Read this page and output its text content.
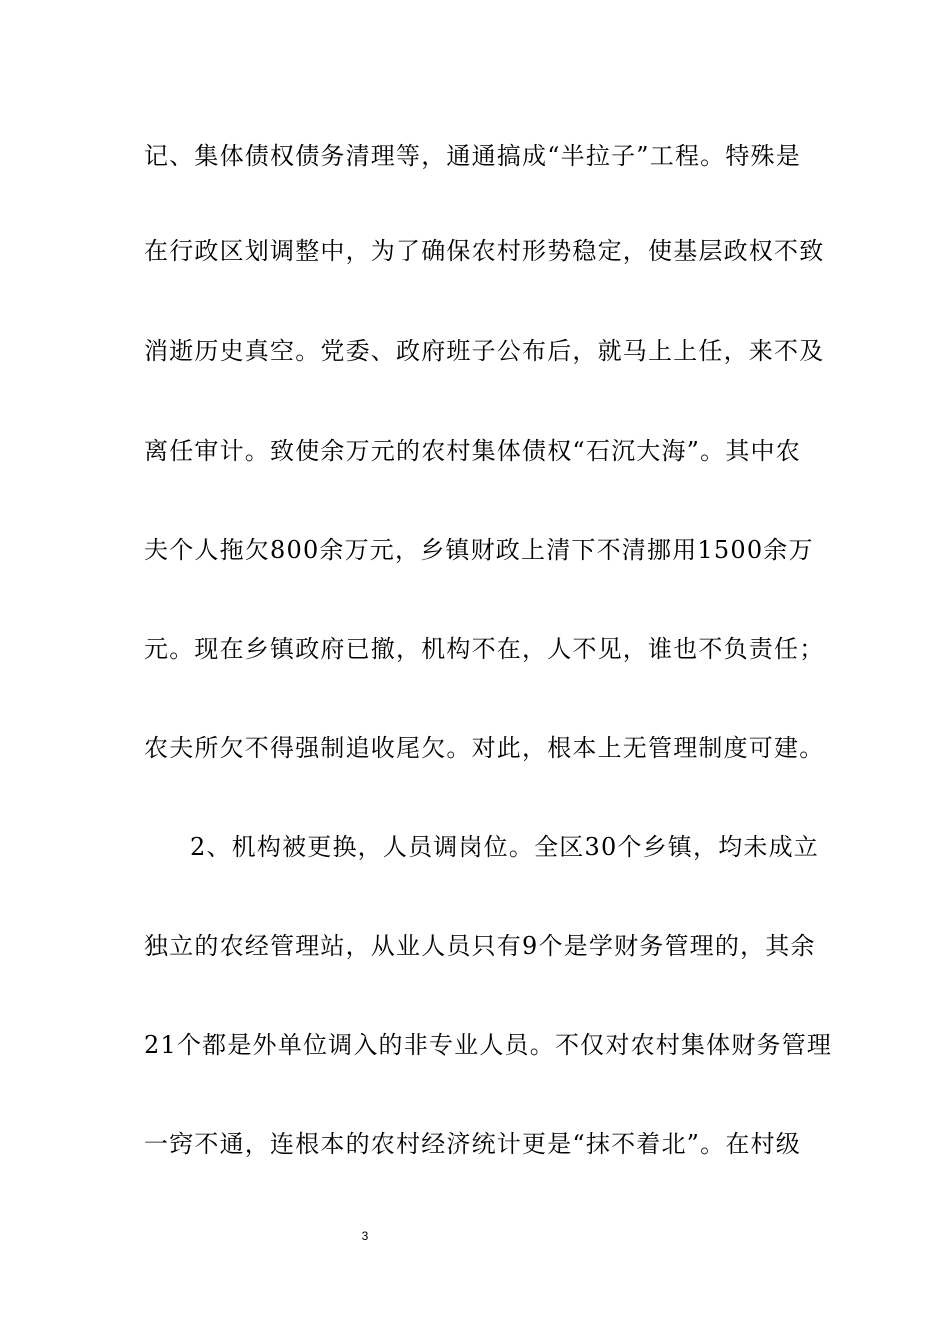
记、集体债权债务清理等，通通搞成“半拉子”工程。特殊是
在行政区划调整中，为了确保农村形势稳定，使基层政权不致
消逝历史真空。党委、政府班子公布后，就马上上任，来不及
离任审计。致使余万元的农村集体债权“石沉大海”。其中农
夫个人拖欠800余万元，乡镇财政上清下不清挪用1500余万
元。现在乡镇政府已撤，机构不在，人不见，谁也不负责任；
农夫所欠不得强制追收尾欠。对此，根本上无管理制度可建。
2、机构被更换，人员调岗位。全区30个乡镇，均未成立
独立的农经管理站，从业人员只有9个是学财务管理的，其余
21个都是外单位调入的非专业人员。不仅对农村集体财务管理
一窍不通，连根本的农村经济统计更是“抹不着北”。在村级
3
